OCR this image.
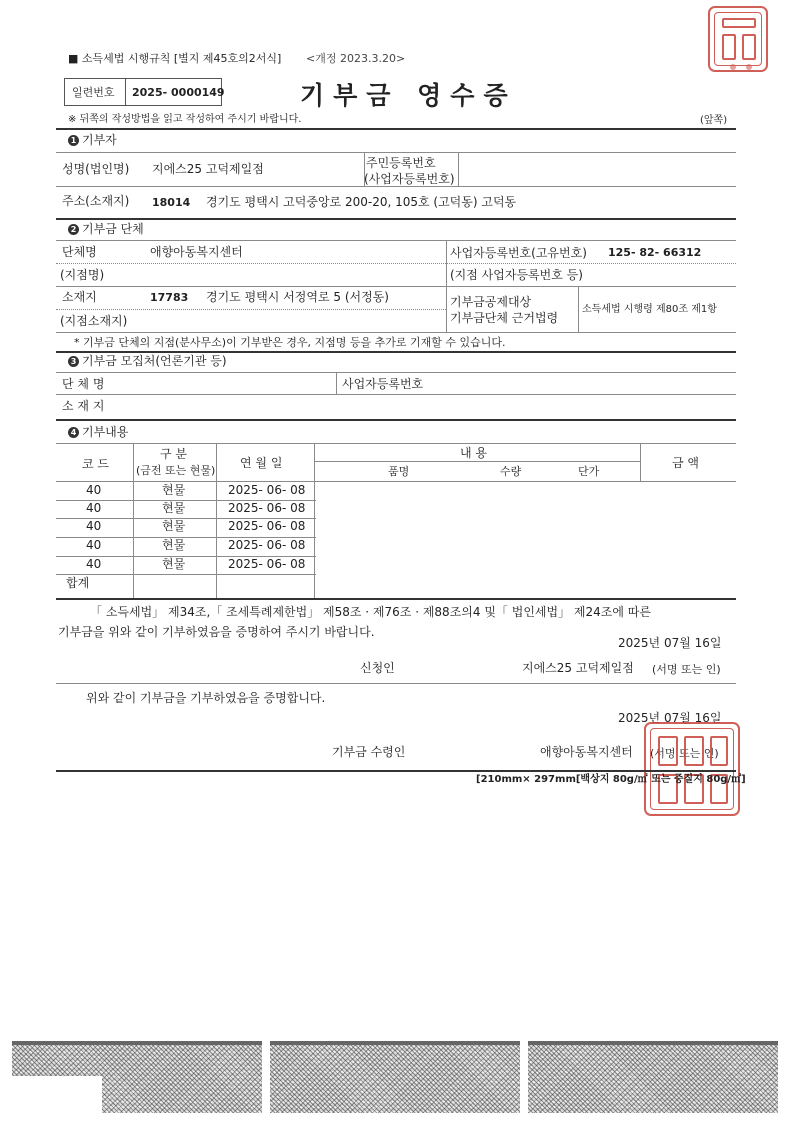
■ 소득세법 시행규칙 [별지 제45호의2서식] <개정 2023.3.20>
일련번호 2025- 0000149	기부금 영수증
※ 뒤쪽의 작성방법을 읽고 작성하여 주시기 바랍니다.	(앞쪽)
1 기부자
성명(법인명) 지에스25 고덕제일점	주민등록번호
(사업자등록번호)
주소(소재지) 18014 경기도 평택시 고덕중앙로 200-20, 105호 (고덕동) 고덕동
2 기부금 단체
단체명	애향아동복지센터	사업자등록번호(고유번호) 125- 82- 66312
(지점명)	(지점 사업자등록번호 등)
소재지	17783 경기도 평택시 서정역로 5 (서정동)	기부금공제대상
기부금단체 근거법령
소득세법 시행령 제80조 제1항
(지점소재지)
* 기부금 단체의 지점(분사무소)이 기부받은 경우, 지점명 등을 추가로 기재할 수 있습니다.
3 기부금 모집처(언론기관 등)
단 체 명	사업자등록번호
소 재 지
4 기부내용
코 드
구 분
(금전 또는 현물)
연 월 일
내 용
품명	수량	단가
금 액
40	현물	2025- 06- 08
40	현물	2025- 06- 08
40	현물	2025- 06- 08
40	현물	2025- 06- 08
40	현물	2025- 06- 08
합계
「 소득세법」 제34조,「 조세특례제한법」 제58조 · 제76조 · 제88조의4 및「 법인세법」 제24조에 따른
기부금을 위와 같이 기부하였음을 증명하여 주시기 바랍니다.
2025년 07월 16일
신청인	지에스25 고덕제일점 (서명 또는 인)
위와 같이 기부금을 기부하였음을 증명합니다.
2025년 07월 16일
기부금 수령인	애향아동복지센터 (서명 또는 인)
[210mm× 297mm[백상지 80g/㎡ 또는 중질지 80g/㎡]
